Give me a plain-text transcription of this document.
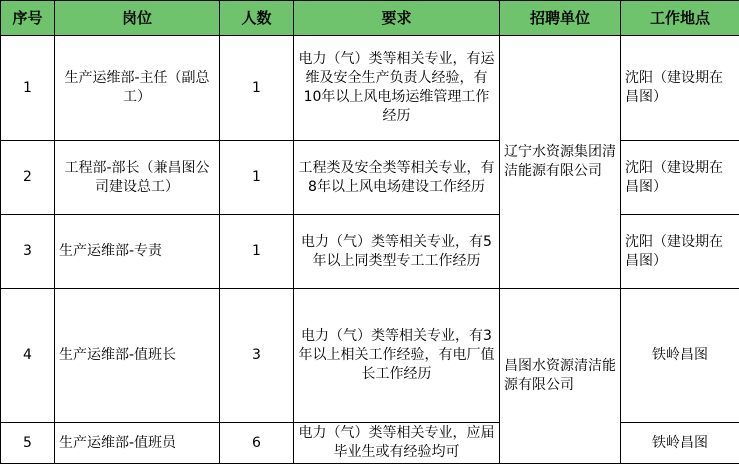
序号	岗位	人数	要求	招聘单位	工作地点
1	生产运维部-主任（副总工）	1	电力（气）类等相关专业，有运维及安全生产负责人经验，有10年以上风电场运维管理工作经历	辽宁水资源集团清洁能源有限公司	沈阳（建设期在昌图）
2	工程部-部长（兼昌图公司建设总工）	1	工程类及安全类等相关专业，有8年以上风电场建设工作经历		沈阳（建设期在昌图）
3	生产运维部-专责	1	电力（气）类等相关专业，有5年以上同类型专工工作经历		沈阳（建设期在昌图）
4	生产运维部-值班长	3	电力（气）类等相关专业，有3年以上相关工作经验，有电厂值长工作经历	昌图水资源清洁能源有限公司	铁岭昌图
5	生产运维部-值班员	6	电力（气）类等相关专业，应届毕业生或有经验均可		铁岭昌图
